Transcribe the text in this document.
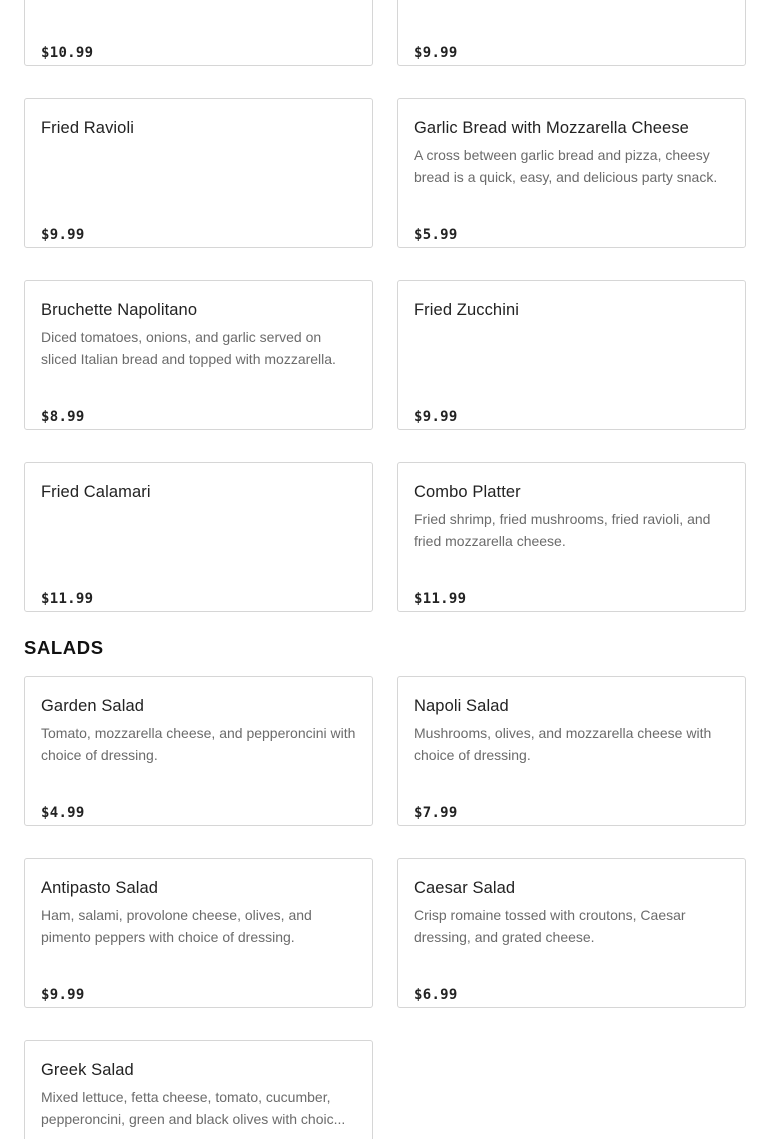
$10.99	$9.99
Fried Ravioli
$9.99
Garlic Bread with Mozzarella Cheese
A cross between garlic bread and pizza, cheesy bread is a quick, easy, and delicious party snack.
$5.99
Bruchette Napolitano
Diced tomatoes, onions, and garlic served on sliced Italian bread and topped with mozzarella.
$8.99
Fried Zucchini
$9.99
Fried Calamari
$11.99
Combo Platter
Fried shrimp, fried mushrooms, fried ravioli, and fried mozzarella cheese.
$11.99
SALADS
Garden Salad
Tomato, mozzarella cheese, and pepperoncini with choice of dressing.
$4.99
Napoli Salad
Mushrooms, olives, and mozzarella cheese with choice of dressing.
$7.99
Antipasto Salad
Ham, salami, provolone cheese, olives, and pimento peppers with choice of dressing.
$9.99
Caesar Salad
Crisp romaine tossed with croutons, Caesar dressing, and grated cheese.
$6.99
Greek Salad
Mixed lettuce, fetta cheese, tomato, cucumber, pepperoncini, green and black olives with choic...
